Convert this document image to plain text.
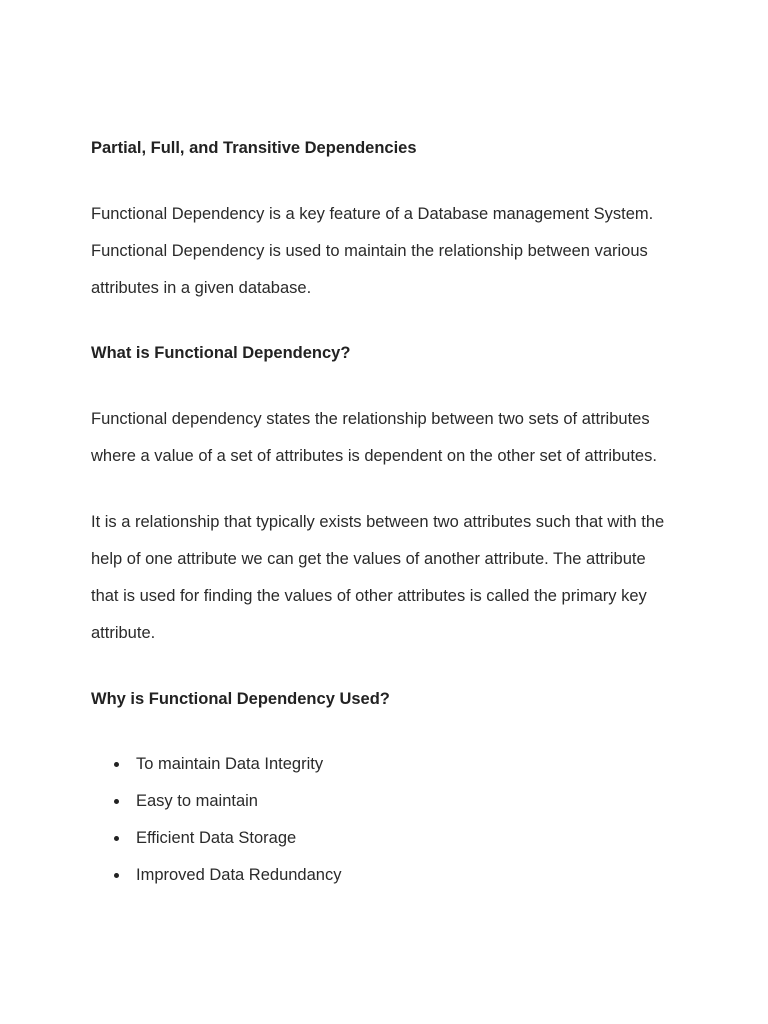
Partial, Full, and Transitive Dependencies

Functional Dependency is a key feature of a Database management System.
Functional Dependency is used to maintain the relationship between various
attributes in a given database.

What is Functional Dependency?

Functional dependency states the relationship between two sets of attributes
where a value of a set of attributes is dependent on the other set of attributes.

It is a relationship that typically exists between two attributes such that with the
help of one attribute we can get the values of another attribute. The attribute
that is used for finding the values of other attributes is called the primary key
attribute.

Why is Functional Dependency Used?
To maintain Data Integrity
Easy to maintain
Efficient Data Storage
Improved Data Redundancy
